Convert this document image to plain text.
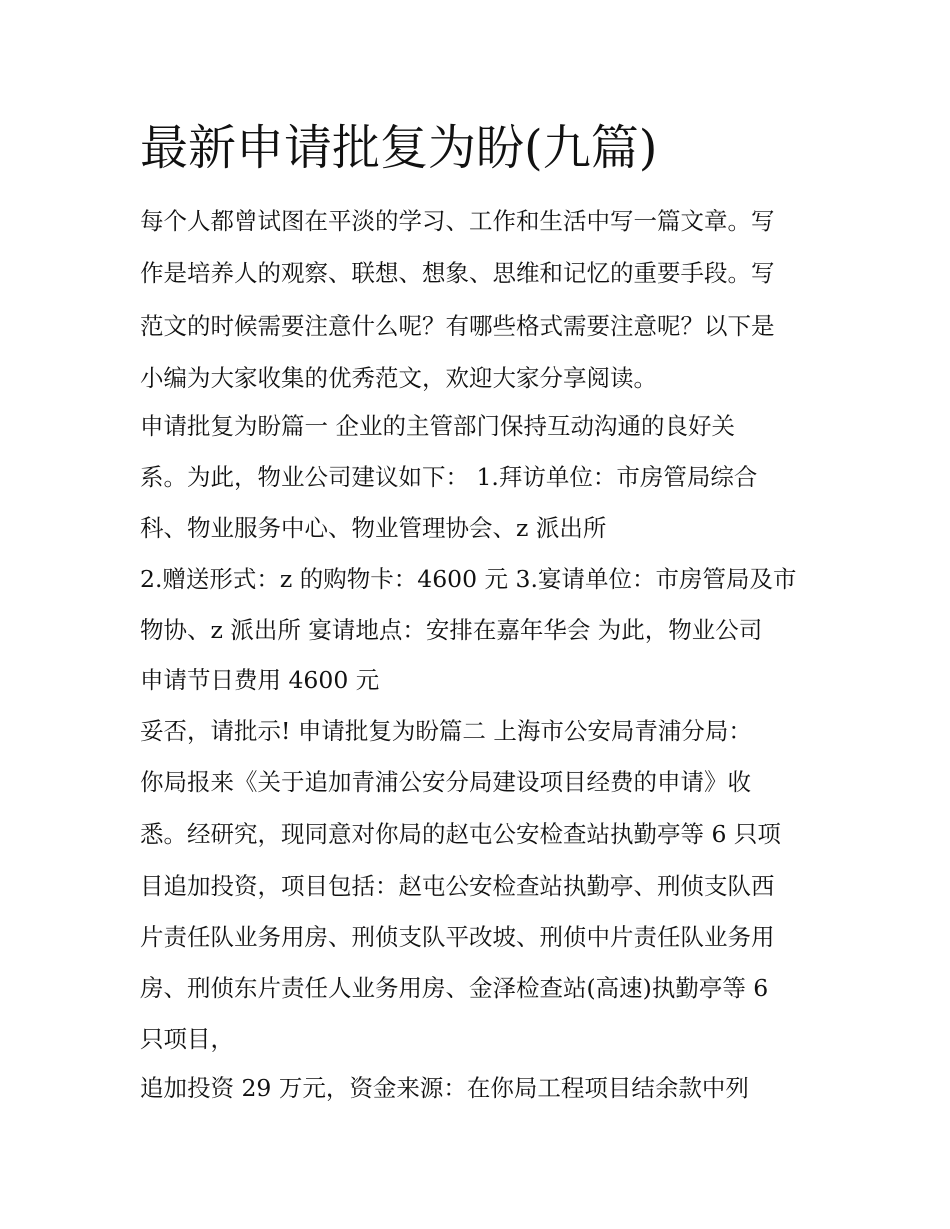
最新申请批复为盼(九篇)

每个人都曾试图在平淡的学习、工作和生活中写一篇文章。写

作是培养人的观察、联想、想象、思维和记忆的重要手段。写

范文的时候需要注意什么呢？有哪些格式需要注意呢？以下是

小编为大家收集的优秀范文，欢迎大家分享阅读。

申请批复为盼篇一 企业的主管部门保持互动沟通的良好关

系。为此，物业公司建议如下： 1.拜访单位：市房管局综合

科、物业服务中心、物业管理协会、z 派出所

2.赠送形式：z 的购物卡：4600 元 3.宴请单位：市房管局及市

物协、z 派出所 宴请地点：安排在嘉年华会 为此，物业公司

申请节日费用 4600 元

妥否，请批示! 申请批复为盼篇二 上海市公安局青浦分局：

你局报来《关于追加青浦公安分局建设项目经费的申请》收

悉。经研究，现同意对你局的赵屯公安检查站执勤亭等 6 只项

目追加投资，项目包括：赵屯公安检查站执勤亭、刑侦支队西

片责任队业务用房、刑侦支队平改坡、刑侦中片责任队业务用

房、刑侦东片责任人业务用房、金泽检查站(高速)执勤亭等 6

只项目，

追加投资 29 万元，资金来源：在你局工程项目结余款中列
